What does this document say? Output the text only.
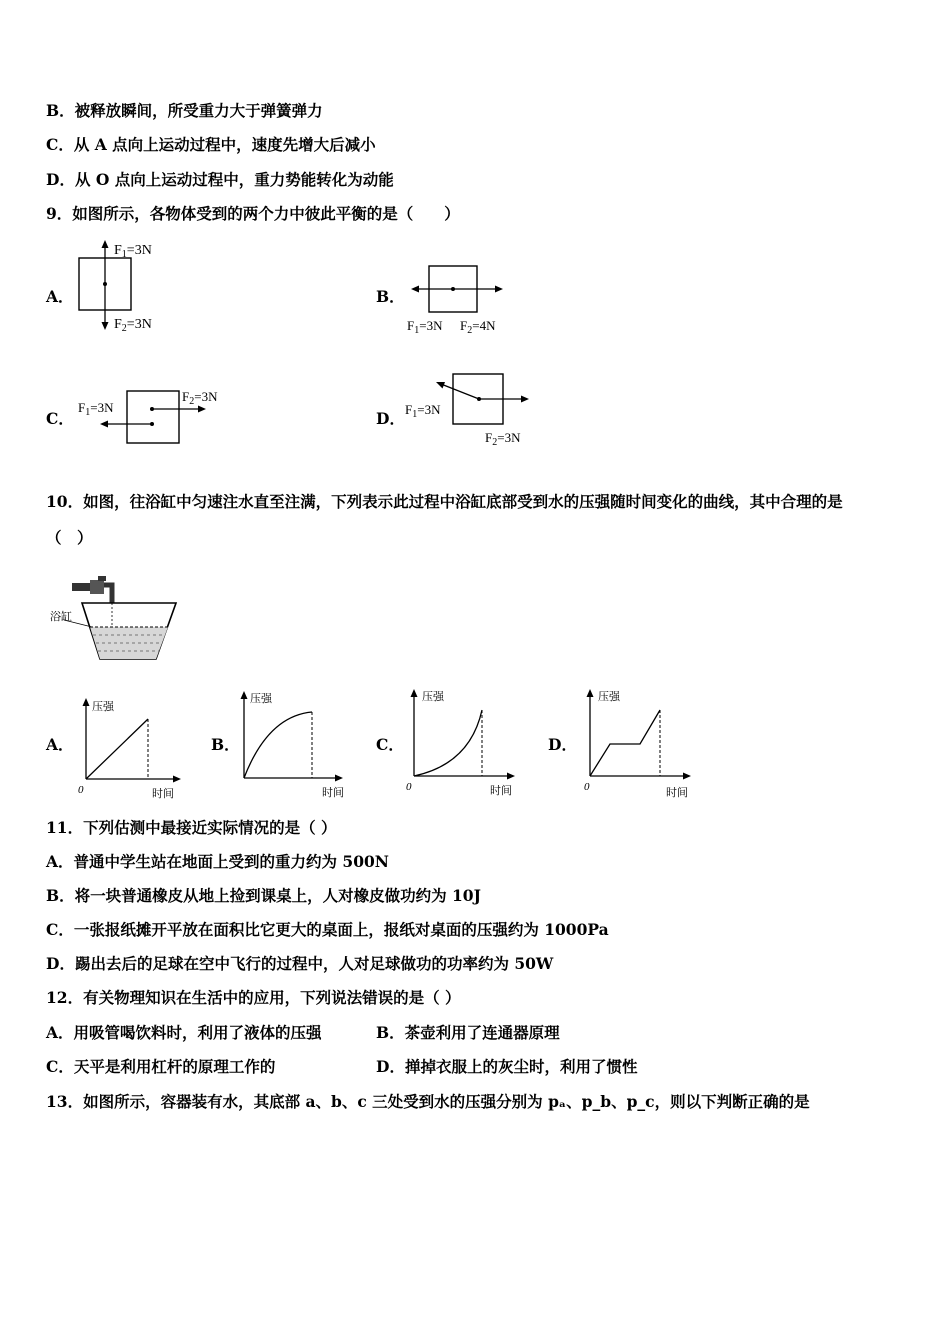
B．被释放瞬间，所受重力大于弹簧弹力
C．从 A 点向上运动过程中，速度先增大后减小
D．从 O 点向上运动过程中，重力势能转化为动能
9．如图所示，各物体受到的两个力中彼此平衡的是（　　）
A．
$F_1=3N$
$F_2=3N$
B．
$F_1=3N$ $F_2=4N$
C．
$F_1=3N$
$F_2=3N$
D． $F_1=3N$
$F_2=3N$
10．如图，往浴缸中匀速注水直至注满，下列表示此过程中浴缸底部受到水的压强随时间变化的曲线，其中合理的是
（　）
浴缸
A．
压强
时间
0
B．
压强
时间
C．
压强
时间
0
D．
压强
时间
0
11．下列估测中最接近实际情况的是（ ）
A．普通中学生站在地面上受到的重力约为 500N
B．将一块普通橡皮从地上捡到课桌上，人对橡皮做功约为 10J
C．一张报纸摊开平放在面积比它更大的桌面上，报纸对桌面的压强约为 1000Pa
D．踢出去后的足球在空中飞行的过程中，人对足球做功的功率约为 50W
12．有关物理知识在生活中的应用，下列说法错误的是（ ）
A．用吸管喝饮料时，利用了液体的压强	B．茶壶利用了连通器原理
C．天平是利用杠杆的原理工作的	D．掸掉衣服上的灰尘时，利用了惯性
13．如图所示，容器装有水，其底部 a、b、c 三处受到水的压强分别为 pₐ、p_b、p_c，则以下判断正确的是
